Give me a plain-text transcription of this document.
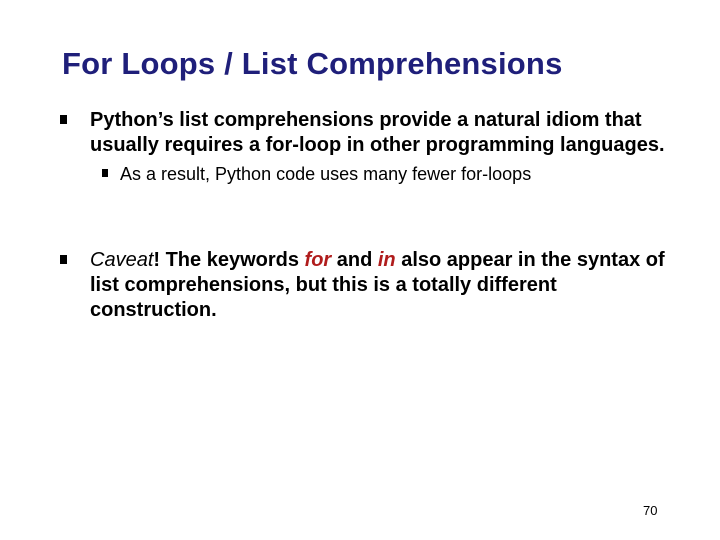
For Loops / List Comprehensions
Python’s list comprehensions provide a natural idiom that usually requires a for-loop in other programming languages.
As a result, Python code uses many fewer for-loops
Caveat! The keywords for and in also appear in the syntax of list comprehensions, but this is a totally different construction.
70
